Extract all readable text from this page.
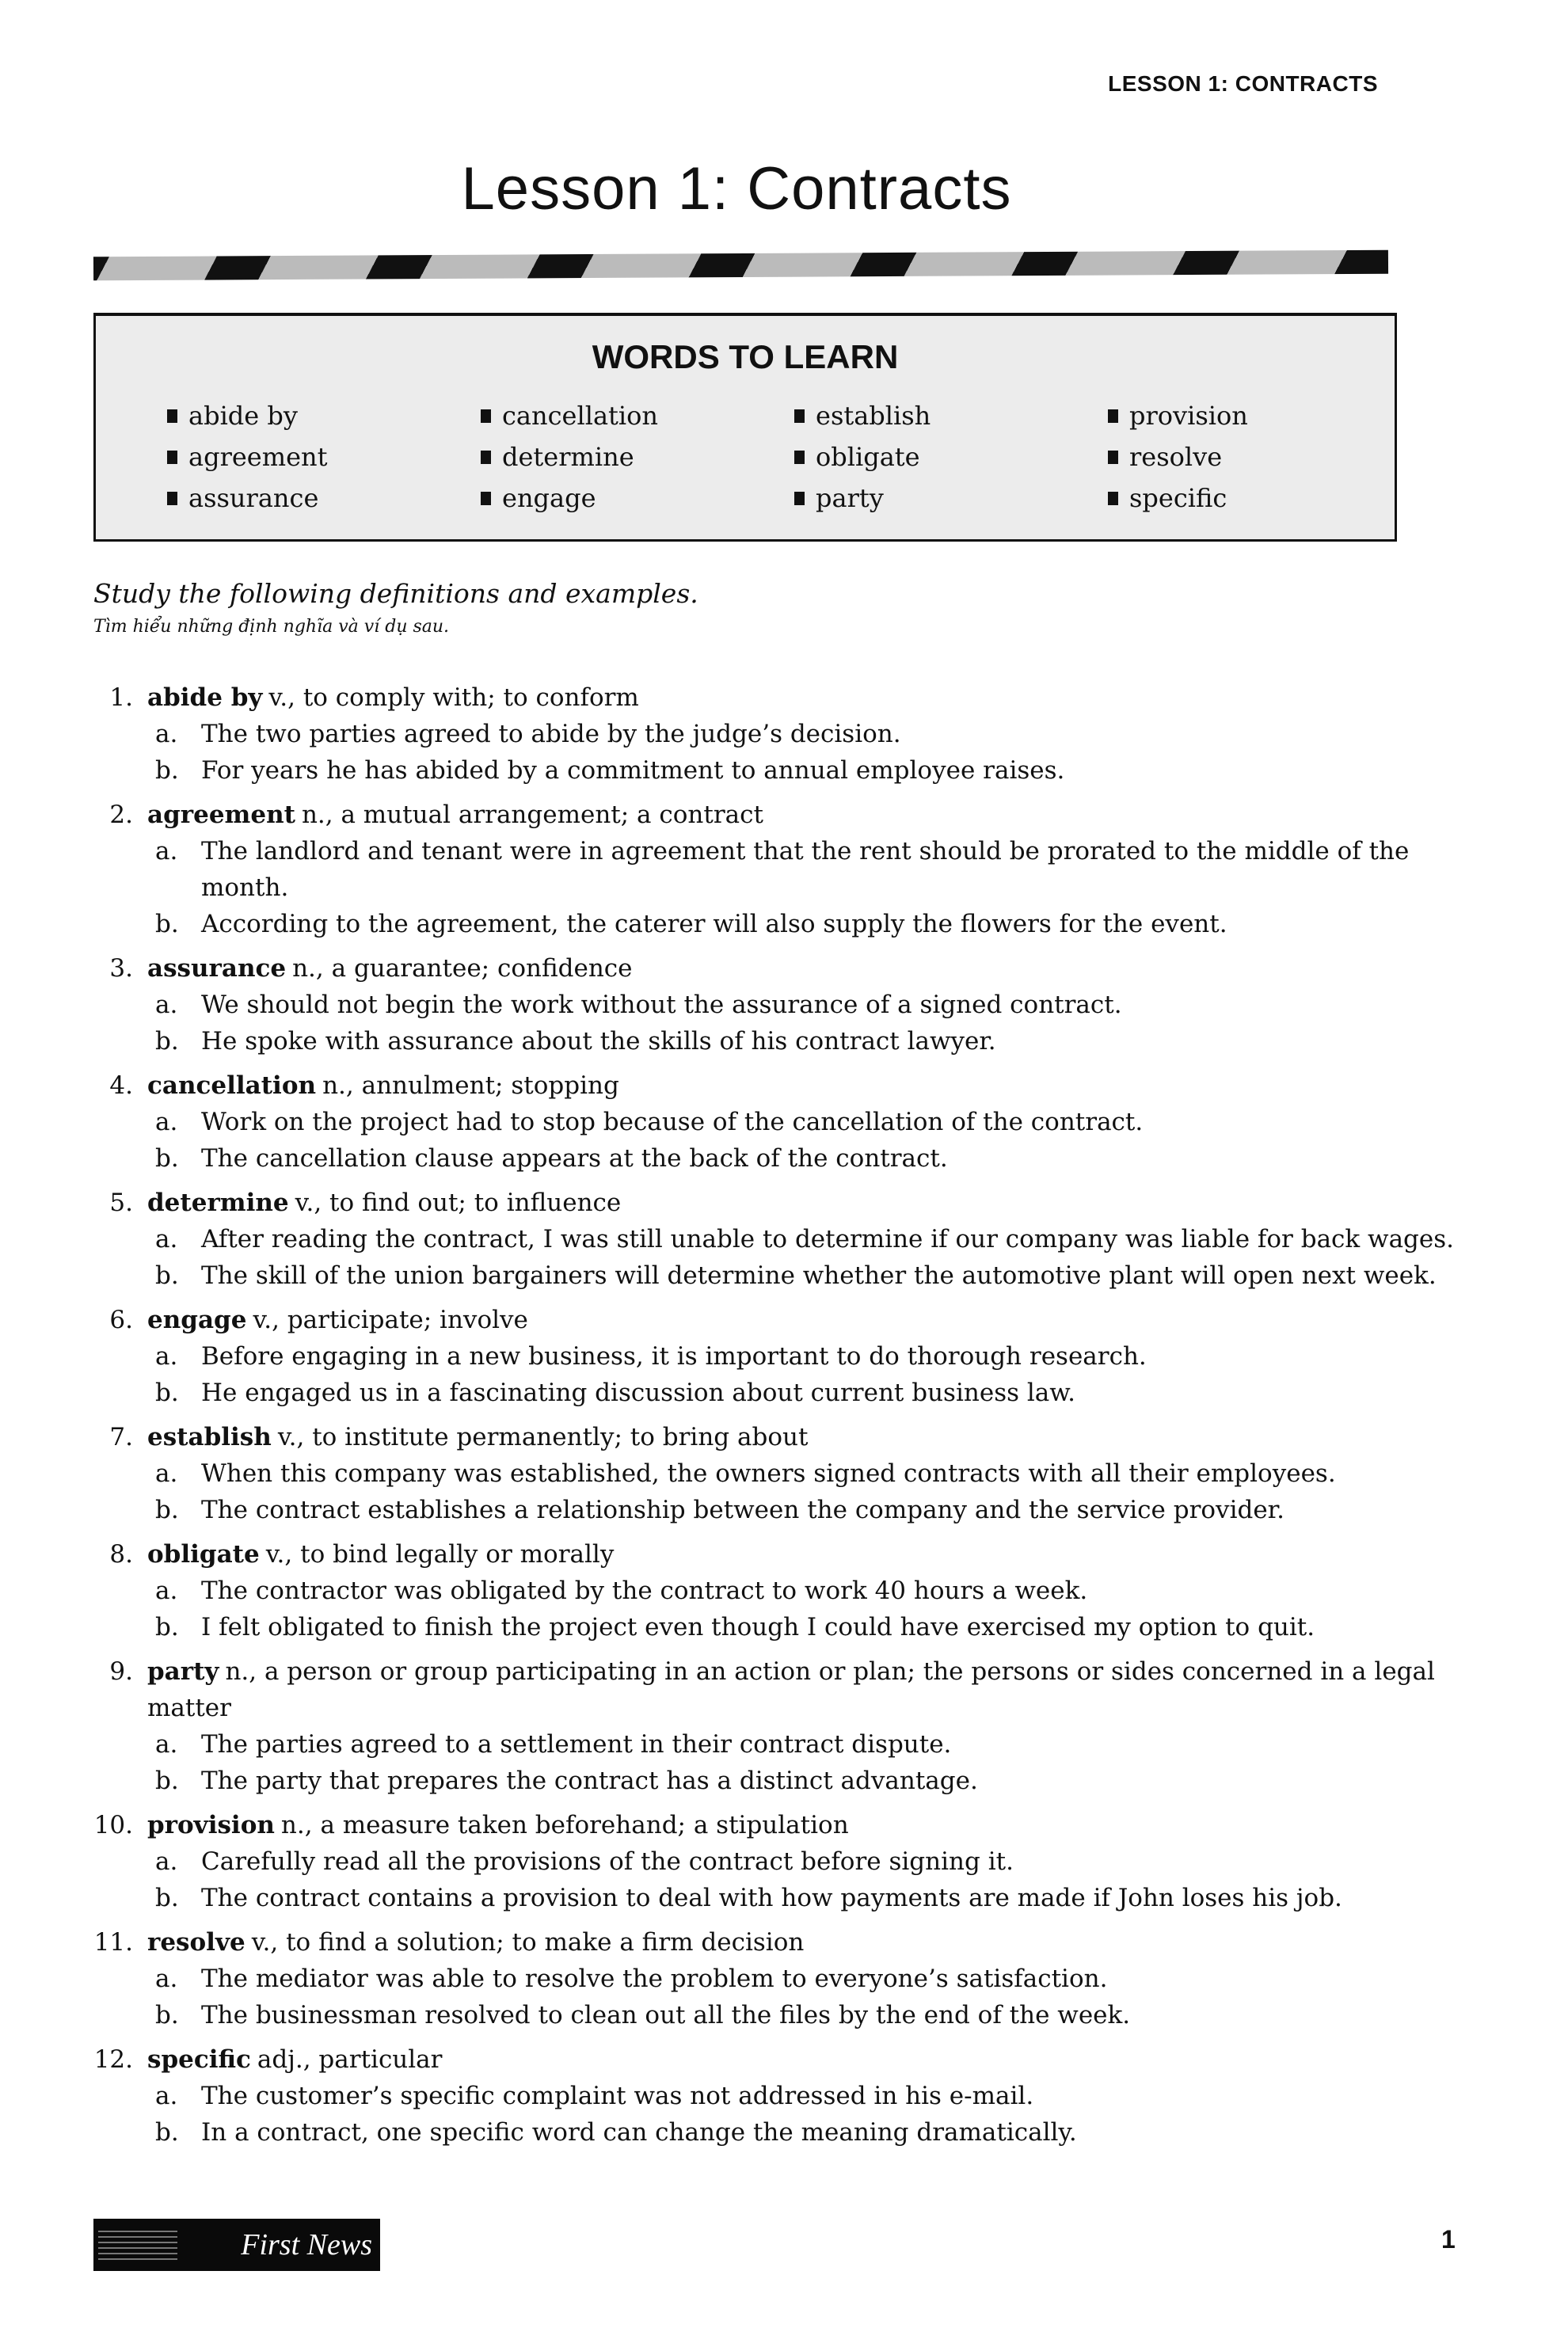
LESSON 1: CONTRACTS
Lesson 1: Contracts
WORDS TO LEARN
abide by
agreement
assurance
cancellation
determine
engage
establish
obligate
party
provision
resolve
specific
Study the following definitions and examples.
Tìm hiểu những định nghĩa và ví dụ sau.
1. abide by v., to comply with; to conform
a. The two parties agreed to abide by the judge’s decision.
b. For years he has abided by a commitment to annual employee raises.
2. agreement n., a mutual arrangement; a contract
a. The landlord and tenant were in agreement that the rent should be prorated to the middle of the month.
b. According to the agreement, the caterer will also supply the flowers for the event.
3. assurance n., a guarantee; confidence
a. We should not begin the work without the assurance of a signed contract.
b. He spoke with assurance about the skills of his contract lawyer.
4. cancellation n., annulment; stopping
a. Work on the project had to stop because of the cancellation of the contract.
b. The cancellation clause appears at the back of the contract.
5. determine v., to find out; to influence
a. After reading the contract, I was still unable to determine if our company was liable for back wages.
b. The skill of the union bargainers will determine whether the automotive plant will open next week.
6. engage v., participate; involve
a. Before engaging in a new business, it is important to do thorough research.
b. He engaged us in a fascinating discussion about current business law.
7. establish v., to institute permanently; to bring about
a. When this company was established, the owners signed contracts with all their employees.
b. The contract establishes a relationship between the company and the service provider.
8. obligate v., to bind legally or morally
a. The contractor was obligated by the contract to work 40 hours a week.
b. I felt obligated to finish the project even though I could have exercised my option to quit.
9. party n., a person or group participating in an action or plan; the persons or sides concerned in a legal matter
a. The parties agreed to a settlement in their contract dispute.
b. The party that prepares the contract has a distinct advantage.
10. provision n., a measure taken beforehand; a stipulation
a. Carefully read all the provisions of the contract before signing it.
b. The contract contains a provision to deal with how payments are made if John loses his job.
11. resolve v., to find a solution; to make a firm decision
a. The mediator was able to resolve the problem to everyone’s satisfaction.
b. The businessman resolved to clean out all the files by the end of the week.
12. specific adj., particular
a. The customer’s specific complaint was not addressed in his e-mail.
b. In a contract, one specific word can change the meaning dramatically.
First News	1
